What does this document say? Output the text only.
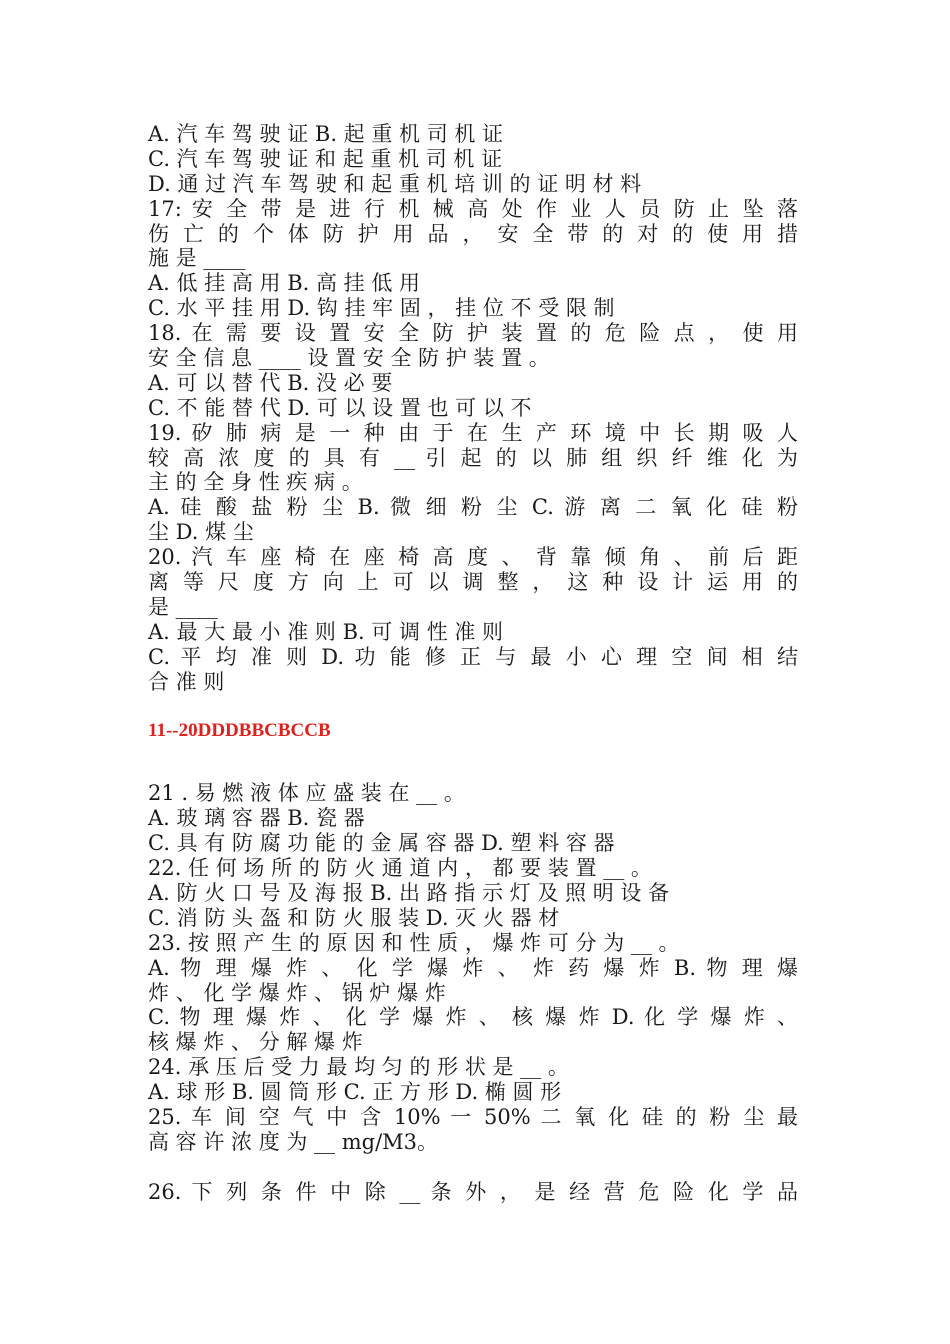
A. 汽 车 驾 驶 证 B. 起 重 机 司 机 证
C. 汽 车 驾 驶 证 和 起 重 机 司 机 证
D. 通 过 汽 车 驾 驶 和 起 重 机 培 训 的 证 明 材 料
17: 安 全 带 是 进 行 机 械 高 处 作 业 人 员 防 止 坠 落
伤 亡 的 个 体 防 护 用 品 ， 安 全 带 的 对 的 使 用 措
施 是 ____
A. 低 挂 高 用 B. 高 挂 低 用
C. 水 平 挂 用 D. 钩 挂 牢 固 ， 挂 位 不 受 限 制
18. 在 需 要 设 置 安 全 防 护 装 置 的 危 险 点 ， 使 用
安 全 信 息 ____ 设 置 安 全 防 护 装 置 。
A. 可 以 替 代 B. 没 必 要
C. 不 能 替 代 D. 可 以 设 置 也 可 以 不
19. 矽 肺 病 是 一 种 由 于 在 生 产 环 境 中 长 期 吸 人
较 高 浓 度 的 具 有 __ 引 起 的 以 肺 组 织 纤 维 化 为
主 的 全 身 性 疾 病 。
A. 硅 酸 盐 粉 尘 B. 微 细 粉 尘 C. 游 离 二 氧 化 硅 粉
尘 D. 煤 尘
20. 汽 车 座 椅 在 座 椅 高 度 、 背 靠 倾 角 、 前 后 距
离 等 尺 度 方 向 上 可 以 调 整 ， 这 种 设 计 运 用 的
是 ____
A. 最 大 最 小 准 则 B. 可 调 性 准 则
C. 平 均 准 则 D. 功 能 修 正 与 最 小 心 理 空 间 相 结
合 准 则
11--20DDDBBCBCCB
21 . 易 燃 液 体 应 盛 装 在 __ 。
A. 玻 璃 容 器 B. 瓷 器
C. 具 有 防 腐 功 能 的 金 属 容 器 D. 塑 料 容 器
22. 任 何 场 所 的 防 火 通 道 内 ， 都 要 装 置 __ 。
A. 防 火 口 号 及 海 报 B. 出 路 指 示 灯 及 照 明 设 备
C. 消 防 头 盔 和 防 火 服 装 D. 灭 火 器 材
23. 按 照 产 生 的 原 因 和 性 质 ， 爆 炸 可 分 为 __ 。
A. 物 理 爆 炸 、 化 学 爆 炸 、 炸 药 爆 炸 B. 物 理 爆
炸 、 化 学 爆 炸 、 锅 炉 爆 炸
C. 物 理 爆 炸 、 化 学 爆 炸 、 核 爆 炸 D. 化 学 爆 炸 、
核 爆 炸 、 分 解 爆 炸
24. 承 压 后 受 力 最 均 匀 的 形 状 是 __ 。
A. 球 形 B. 圆 筒 形 C. 正 方 形 D. 椭 圆 形
25. 车 间 空 气 中 含 10% 一 50% 二 氧 化 硅 的 粉 尘 最
高 容 许 浓 度 为 __ mg/M3。
26. 下 列 条 件 中 除 __ 条 外 ， 是 经 营 危 险 化 学 品
